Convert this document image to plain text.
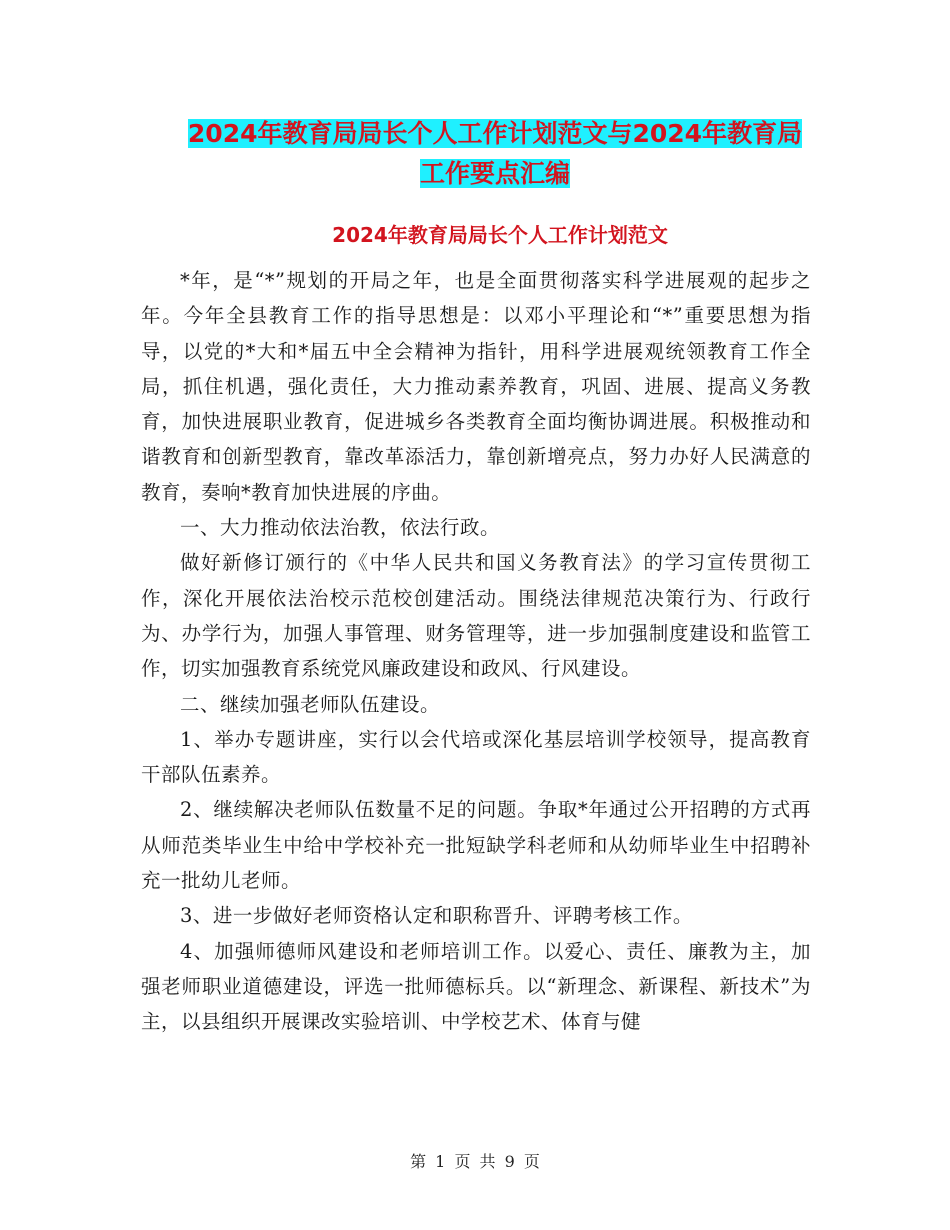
2024年教育局局长个人工作计划范文与2024年教育局
工作要点汇编
2024年教育局局长个人工作计划范文

*年，是“*”规划的开局之年，也是全面贯彻落实科学进展观的起步之年。今年全县教育工作的指导思想是：以邓小平理论和“*”重要思想为指导，以党的*大和*届五中全会精神为指针，用科学进展观统领教育工作全局，抓住机遇，强化责任，大力推动素养教育，巩固、进展、提高义务教育，加快进展职业教育，促进城乡各类教育全面均衡协调进展。积极推动和谐教育和创新型教育，靠改革添活力，靠创新增亮点，努力办好人民满意的教育，奏响*教育加快进展的序曲。

一、大力推动依法治教，依法行政。

做好新修订颁行的《中华人民共和国义务教育法》的学习宣传贯彻工作，深化开展依法治校示范校创建活动。围绕法律规范决策行为、行政行为、办学行为，加强人事管理、财务管理等，进一步加强制度建设和监管工作，切实加强教育系统党风廉政建设和政风、行风建设。

二、继续加强老师队伍建设。

1、举办专题讲座，实行以会代培或深化基层培训学校领导，提高教育干部队伍素养。

2、继续解决老师队伍数量不足的问题。争取*年通过公开招聘的方式再从师范类毕业生中给中学校补充一批短缺学科老师和从幼师毕业生中招聘补充一批幼儿老师。

3、进一步做好老师资格认定和职称晋升、评聘考核工作。

4、加强师德师风建设和老师培训工作。以爱心、责任、廉教为主，加强老师职业道德建设，评选一批师德标兵。以“新理念、新课程、新技术”为主，以县组织开展课改实验培训、中学校艺术、体育与健

第 1 页 共 9 页
